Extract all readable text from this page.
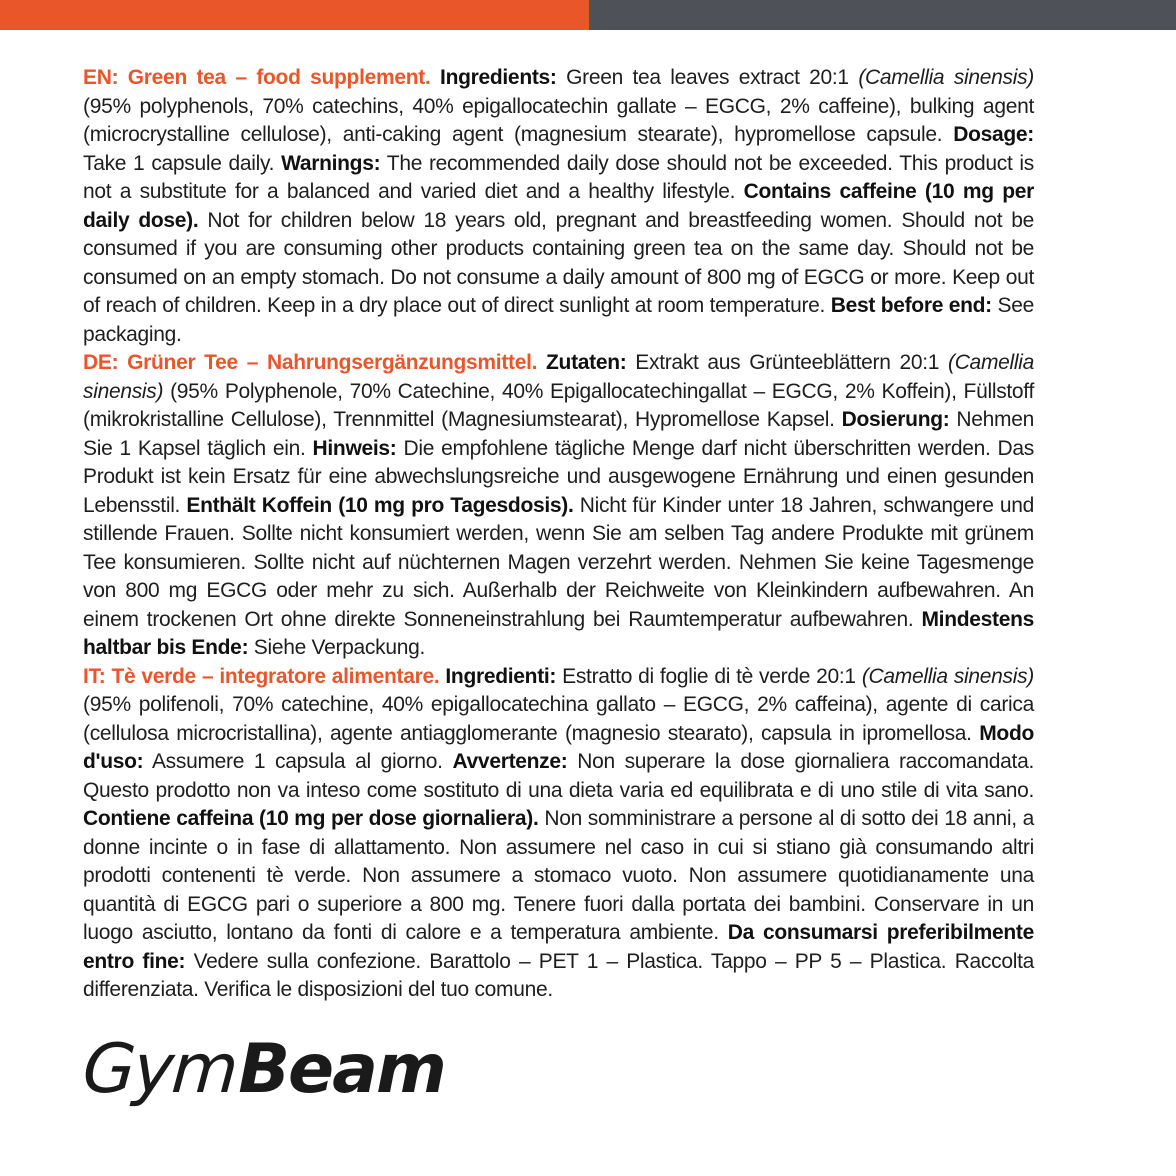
EN: Green tea – food supplement. Ingredients: Green tea leaves extract 20:1 (Camellia sinensis) (95% polyphenols, 70% catechins, 40% epigallocatechin gallate – EGCG, 2% caffeine), bulking agent (microcrystalline cellulose), anti-caking agent (magnesium stearate), hypromellose capsule. Dosage: Take 1 capsule daily. Warnings: The recommended daily dose should not be exceeded. This product is not a substitute for a balanced and varied diet and a healthy lifestyle. Contains caffeine (10 mg per daily dose). Not for children below 18 years old, pregnant and breastfeeding women. Should not be consumed if you are consuming other products containing green tea on the same day. Should not be consumed on an empty stomach. Do not consume a daily amount of 800 mg of EGCG or more. Keep out of reach of children. Keep in a dry place out of direct sunlight at room temperature. Best before end: See packaging.

DE: Grüner Tee – Nahrungsergänzungsmittel. Zutaten: Extrakt aus Grünteeblättern 20:1 (Camellia sinensis) (95% Polyphenole, 70% Catechine, 40% Epigallocatechingallat – EGCG, 2% Koffein), Füllstoff (mikrokristalline Cellulose), Trennmittel (Magnesiumstearat), Hypromellose Kapsel. Dosierung: Nehmen Sie 1 Kapsel täglich ein. Hinweis: Die empfohlene tägliche Menge darf nicht überschritten werden. Das Produkt ist kein Ersatz für eine abwechslungsreiche und ausgewogene Ernährung und einen gesunden Lebensstil. Enthält Koffein (10 mg pro Tagesdosis). Nicht für Kinder unter 18 Jahren, schwangere und stillende Frauen. Sollte nicht konsumiert werden, wenn Sie am selben Tag andere Produkte mit grünem Tee konsumieren. Sollte nicht auf nüchternen Magen verzehrt werden. Nehmen Sie keine Tagesmenge von 800 mg EGCG oder mehr zu sich. Außerhalb der Reichweite von Kleinkindern aufbewahren. An einem trockenen Ort ohne direkte Sonneneinstrahlung bei Raumtemperatur aufbewahren. Mindestens haltbar bis Ende: Siehe Verpackung.

IT: Tè verde – integratore alimentare. Ingredienti: Estratto di foglie di tè verde 20:1 (Camellia sinensis) (95% polifenoli, 70% catechine, 40% epigallocatechina gallato – EGCG, 2% caffeina), agente di carica (cellulosa microcristallina), agente antiagglomerante (magnesio stearato), capsula in ipromellosa. Modo d'uso: Assumere 1 capsula al giorno. Avvertenze: Non superare la dose giornaliera raccomandata. Questo prodotto non va inteso come sostituto di una dieta varia ed equilibrata e di uno stile di vita sano. Contiene caffeina (10 mg per dose giornaliera). Non somministrare a persone al di sotto dei 18 anni, a donne incinte o in fase di allattamento. Non assumere nel caso in cui si stiano già consumando altri prodotti contenenti tè verde. Non assumere a stomaco vuoto. Non assumere quotidianamente una quantità di EGCG pari o superiore a 800 mg. Tenere fuori dalla portata dei bambini. Conservare in un luogo asciutto, lontano da fonti di calore e a temperatura ambiente. Da consumarsi preferibilmente entro fine: Vedere sulla confezione. Barattolo – PET 1 – Plastica. Tappo – PP 5 – Plastica. Raccolta differenziata. Verifica le disposizioni del tuo comune.

Gym Beam
